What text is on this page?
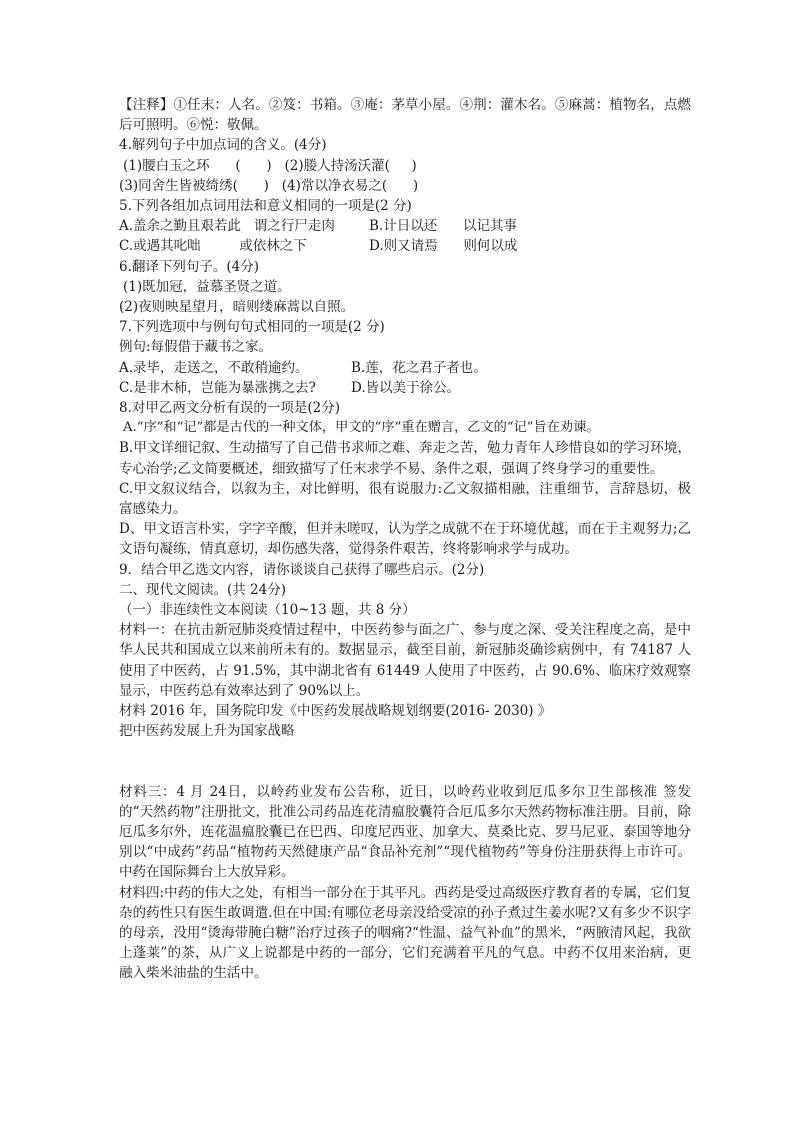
【注释】①任末：人名。②笈：书箱。③庵：茅草小屋。④荆：灌木名。⑤麻蒿：植物名，点燃后可照明。⑥悦：敬佩。
4.解列句子中加点词的含义。(4分)
(1)腰白玉之环      (      )   (2)媵人持汤沃灌(     )
(3)同舍生皆被绮绣(      )   (4)常以净衣易之(      )
5.下列各组加点词用法和意义相同的一项是(2 分)
A.盖余之勤且艰若此   谓之行尸走肉	B.计日以还      以记其事
C.或遇其叱咄         或依林之下	D.则又请焉      则何以成
6.翻译下列句子。(4分)
(1)既加冠，益慕圣贤之道。
(2)夜则映星望月，暗则缕麻蒿以自照。
7.下列选项中与例句句式相同的一项是(2 分)
例句:每假借于藏书之家。
A.录毕，走送之，不敢稍逾约。	B.莲，花之君子者也。
C.是非木柿，岂能为暴涨携之去?	D.皆以美于徐公。
8.对甲乙两文分析有误的一项是(2分)
A.“序”和“记”都是古代的一种文体，甲文的“序”重在赠言，乙文的“记”旨在劝谏。
B.甲文详细记叙、生动描写了自己借书求师之难、奔走之苦，勉力青年人珍惜良如的学习环境，专心治学;乙文简要概述，细致描写了任末求学不易、条件之艰，强调了终身学习的重要性。
C.甲文叙议结合，以叙为主，对比鲜明，很有说服力:乙文叙描相融，注重细节，言辞恳切，极富感染力。
D、甲文语言朴实，字字辛酸，但并未嗟叹，认为学之成就不在于环境优越，而在于主观努力;乙文语句凝练，情真意切，却伤感失落，觉得条件艰苦，终将影响求学与成功。
9．结合甲乙选文内容，请你谈谈自己获得了哪些启示。(2分)
二、现代文阅读。(共 24分)
（一）非连续性文本阅读（10~13 题，共 8 分）
材料一：在抗击新冠肺炎疫情过程中，中医药参与面之广、参与度之深、受关注程度之高，是中华人民共和国成立以来前所未有的。数据显示，截至目前，新冠肺炎确诊病例中，有 74187 人使用了中医药，占 91.5%，其中湖北省有 61449 人使用了中医药，占 90.6%、临床疗效观察显示，中医药总有效率达到了 90%以上。
材料 2016 年，国务院印发《中医药发展战略规划纲要(2016- 2030) 》
把中医药发展上升为国家战略
材料三：4 月 24日，以岭药业发布公告称，近日，以岭药业收到厄瓜多尔卫生部核准 签发的“天然药物”注册批文，批准公司药品连花清瘟胶囊符合厄瓜多尔天然药物标准注册。目前，除厄瓜多尔外，连花温瘟胶囊已在巴西、印度尼西亚、加拿大、莫桑比克、罗马尼亚、泰国等地分别以“中成药”药品“植物药天然健康产品“食品补充剂”“现代植物药”等身份注册获得上市许可。中药在国际舞台上大放异彩。
材料四:中药的伟大之处，有相当一部分在于其平凡。西药是受过高级医疗教育者的专属，它们复杂的药性只有医生敢调遣.但在中国:有哪位老母亲没给受凉的孙子煮过生姜水呢?又有多少不识字的母亲，没用“烫海带腌白糖”治疗过孩子的咽痛?“性温、益气补血”的黑米，“两腋清风起，我欲上蓬莱”的茶，从广义上说都是中药的一部分，它们充满着平凡的气息。中药不仅用来治病，更融入柴米油盐的生活中。
